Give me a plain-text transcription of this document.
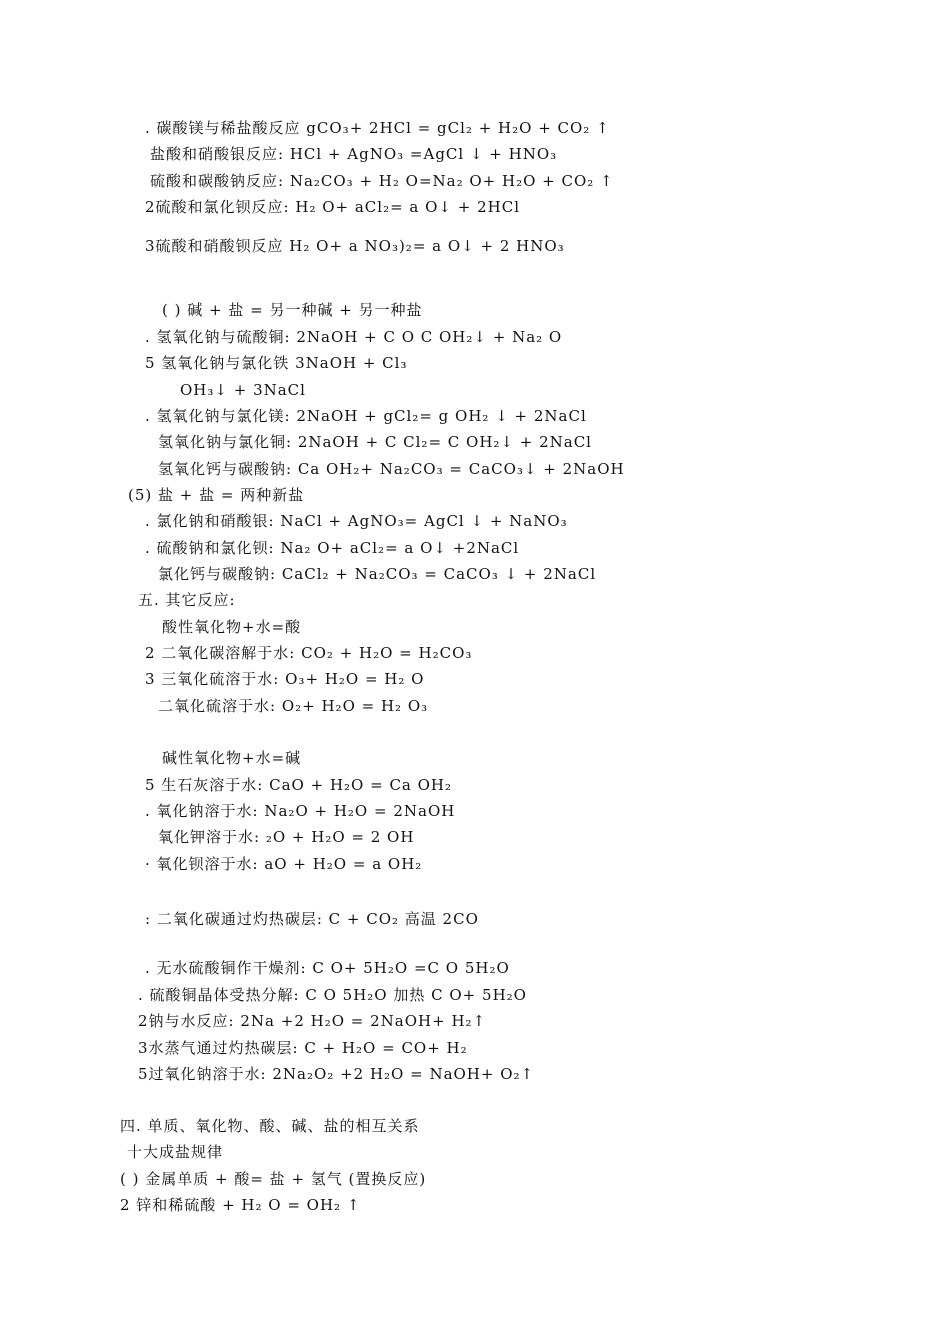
. 碳酸镁与稀盐酸反应 gCO₃+ 2HCl = gCl₂ + H₂O + CO₂ ↑
盐酸和硝酸银反应: HCl + AgNO₃ =AgCl ↓ + HNO₃
硫酸和碳酸钠反应: Na₂CO₃ + H₂ O=Na₂ O+ H₂O + CO₂ ↑
2硫酸和氯化钡反应: H₂ O+ aCl₂= a O↓ + 2HCl
3硫酸和硝酸钡反应 H₂ O+ a NO₃)₂= a O↓ + 2 HNO₃
( ) 碱 + 盐 = 另一种碱 + 另一种盐
. 氢氧化钠与硫酸铜: 2NaOH + C O C OH₂↓ + Na₂ O
5 氢氧化钠与氯化铁 3NaOH + Cl₃
OH₃↓ + 3NaCl
. 氢氧化钠与氯化镁: 2NaOH + gCl₂= g OH₂ ↓ + 2NaCl
氢氧化钠与氯化铜: 2NaOH + C Cl₂= C OH₂↓ + 2NaCl
氢氧化钙与碳酸钠: Ca OH₂+ Na₂CO₃ = CaCO₃↓ + 2NaOH
(5) 盐 + 盐 = 两种新盐
. 氯化钠和硝酸银: NaCl + AgNO₃= AgCl ↓ + NaNO₃
. 硫酸钠和氯化钡: Na₂ O+ aCl₂= a O↓ +2NaCl
氯化钙与碳酸钠: CaCl₂ + Na₂CO₃ = CaCO₃ ↓ + 2NaCl
五. 其它反应:
酸性氧化物+水=酸
2 二氧化碳溶解于水: CO₂ + H₂O = H₂CO₃
3 三氧化硫溶于水: O₃+ H₂O = H₂ O
二氧化硫溶于水: O₂+ H₂O = H₂ O₃
碱性氧化物+水=碱
5 生石灰溶于水: CaO + H₂O = Ca OH₂
. 氧化钠溶于水: Na₂O + H₂O = 2NaOH
氧化钾溶于水: ₂O + H₂O = 2 OH
· 氧化钡溶于水: aO + H₂O = a OH₂
: 二氧化碳通过灼热碳层: C + CO₂ 高温 2CO
. 无水硫酸铜作干燥剂: C O+ 5H₂O =C O 5H₂O
. 硫酸铜晶体受热分解: C O 5H₂O 加热 C O+ 5H₂O
2钠与水反应: 2Na +2 H₂O = 2NaOH+ H₂↑
3水蒸气通过灼热碳层: C + H₂O = CO+ H₂
5过氧化钠溶于水: 2Na₂O₂ +2 H₂O = NaOH+ O₂↑
四. 单质、氧化物、酸、碱、盐的相互关系
十大成盐规律
( ) 金属单质 + 酸= 盐 + 氢气 (置换反应)
2 锌和稀硫酸 + H₂ O = OH₂ ↑
